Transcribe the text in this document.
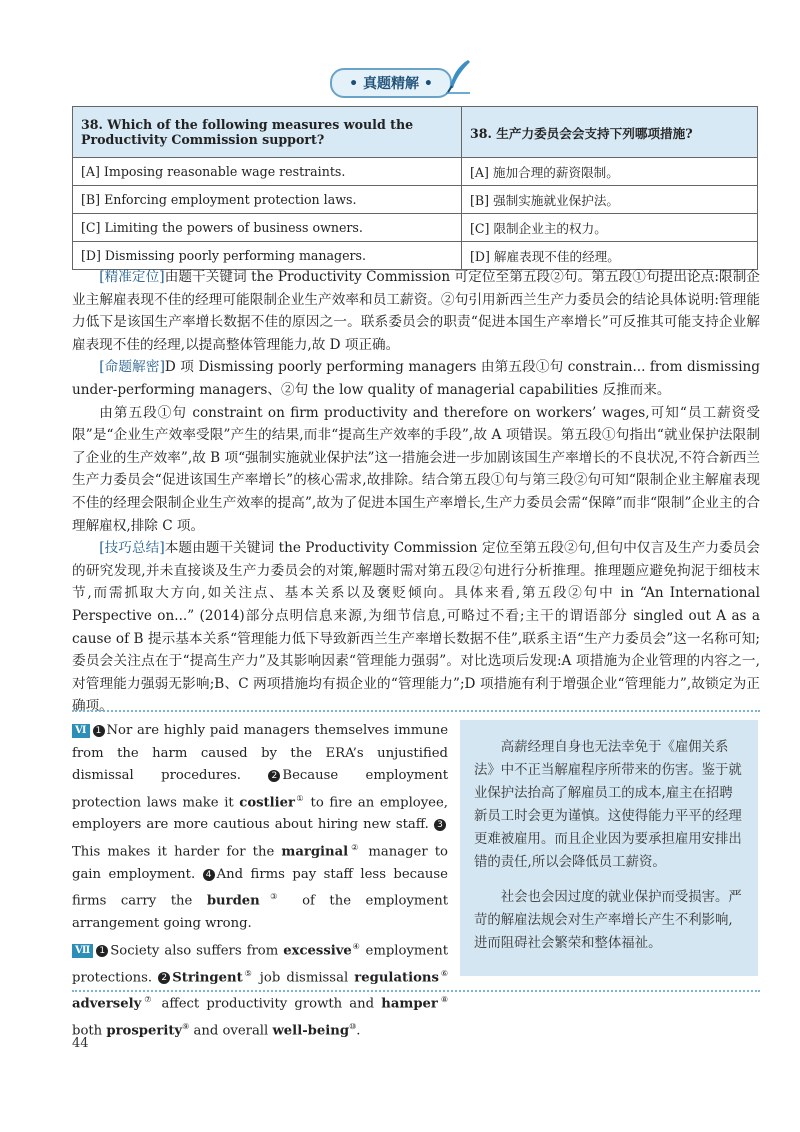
• 真题精解 •
38. Which of the following measures would the Productivity Commission support?	38. 生产力委员会会支持下列哪项措施?
[A] Imposing reasonable wage restraints.	[A] 施加合理的薪资限制。
[B] Enforcing employment protection laws.	[B] 强制实施就业保护法。
[C] Limiting the powers of business owners.	[C] 限制企业主的权力。
[D] Dismissing poorly performing managers.	[D] 解雇表现不佳的经理。

[精准定位]由题干关键词 the Productivity Commission 可定位至第五段②句。第五段①句提出论点:限制企业主解雇表现不佳的经理可能限制企业生产效率和员工薪资。②句引用新西兰生产力委员会的结论具体说明:管理能力低下是该国生产率增长数据不佳的原因之一。联系委员会的职责“促进本国生产率增长”可反推其可能支持企业解雇表现不佳的经理,以提高整体管理能力,故 D 项正确。

[命题解密]D 项 Dismissing poorly performing managers 由第五段①句 constrain... from dismissing under-performing managers、②句 the low quality of managerial capabilities 反推而来。

由第五段①句 constraint on firm productivity and therefore on workers’ wages,可知“员工薪资受限”是“企业生产效率受限”产生的结果,而非“提高生产效率的手段”,故 A 项错误。第五段①句指出“就业保护法限制了企业的生产效率”,故 B 项“强制实施就业保护法”这一措施会进一步加剧该国生产率增长的不良状况,不符合新西兰生产力委员会“促进该国生产率增长”的核心需求,故排除。结合第五段①句与第三段②句可知“限制企业主解雇表现不佳的经理会限制企业生产效率的提高”,故为了促进本国生产率增长,生产力委员会需“保障”而非“限制”企业主的合理解雇权,排除 C 项。

[技巧总结]本题由题干关键词 the Productivity Commission 定位至第五段②句,但句中仅言及生产力委员会的研究发现,并未直接谈及生产力委员会的对策,解题时需对第五段②句进行分析推理。推理题应避免拘泥于细枝末节,而需抓取大方向,如关注点、基本关系以及褒贬倾向。具体来看,第五段②句中 in “An International Perspective on...” (2014)部分点明信息来源,为细节信息,可略过不看;主干的谓语部分 singled out A as a cause of B 提示基本关系“管理能力低下导致新西兰生产率增长数据不佳”,联系主语“生产力委员会”这一名称可知;委员会关注点在于“提高生产力”及其影响因素“管理能力强弱”。对比选项后发现:A 项措施为企业管理的内容之一,对管理能力强弱无影响;B、C 两项措施均有损企业的“管理能力”;D 项措施有利于增强企业“管理能力”,故锁定为正确项。

Ⅵ 1 Nor are highly paid managers themselves immune from the harm caused by the ERA’s unjustified dismissal procedures. 2 Because employment protection laws make it costlier① to fire an employee, employers are more cautious about hiring new staff. 3This makes it harder for the marginal② manager to gain employment. 4 And firms pay staff less because firms carry the burden③ of the employment arrangement going wrong.

Ⅶ 1 Society also suffers from excessive④ employment protections. 2 Stringent⑤ job dismissal regulations⑥ adversely⑦ affect productivity growth and hamper⑧ both prosperity⑨ and overall well-being⑩.

高薪经理自身也无法幸免于《雇佣关系法》中不正当解雇程序所带来的伤害。鉴于就业保护法抬高了解雇员工的成本,雇主在招聘新员工时会更为谨慎。这使得能力平平的经理更难被雇用。而且企业因为要承担雇用安排出错的责任,所以会降低员工薪资。

社会也会因过度的就业保护而受损害。严苛的解雇法规会对生产率增长产生不利影响,进而阻碍社会繁荣和整体福祉。

44
